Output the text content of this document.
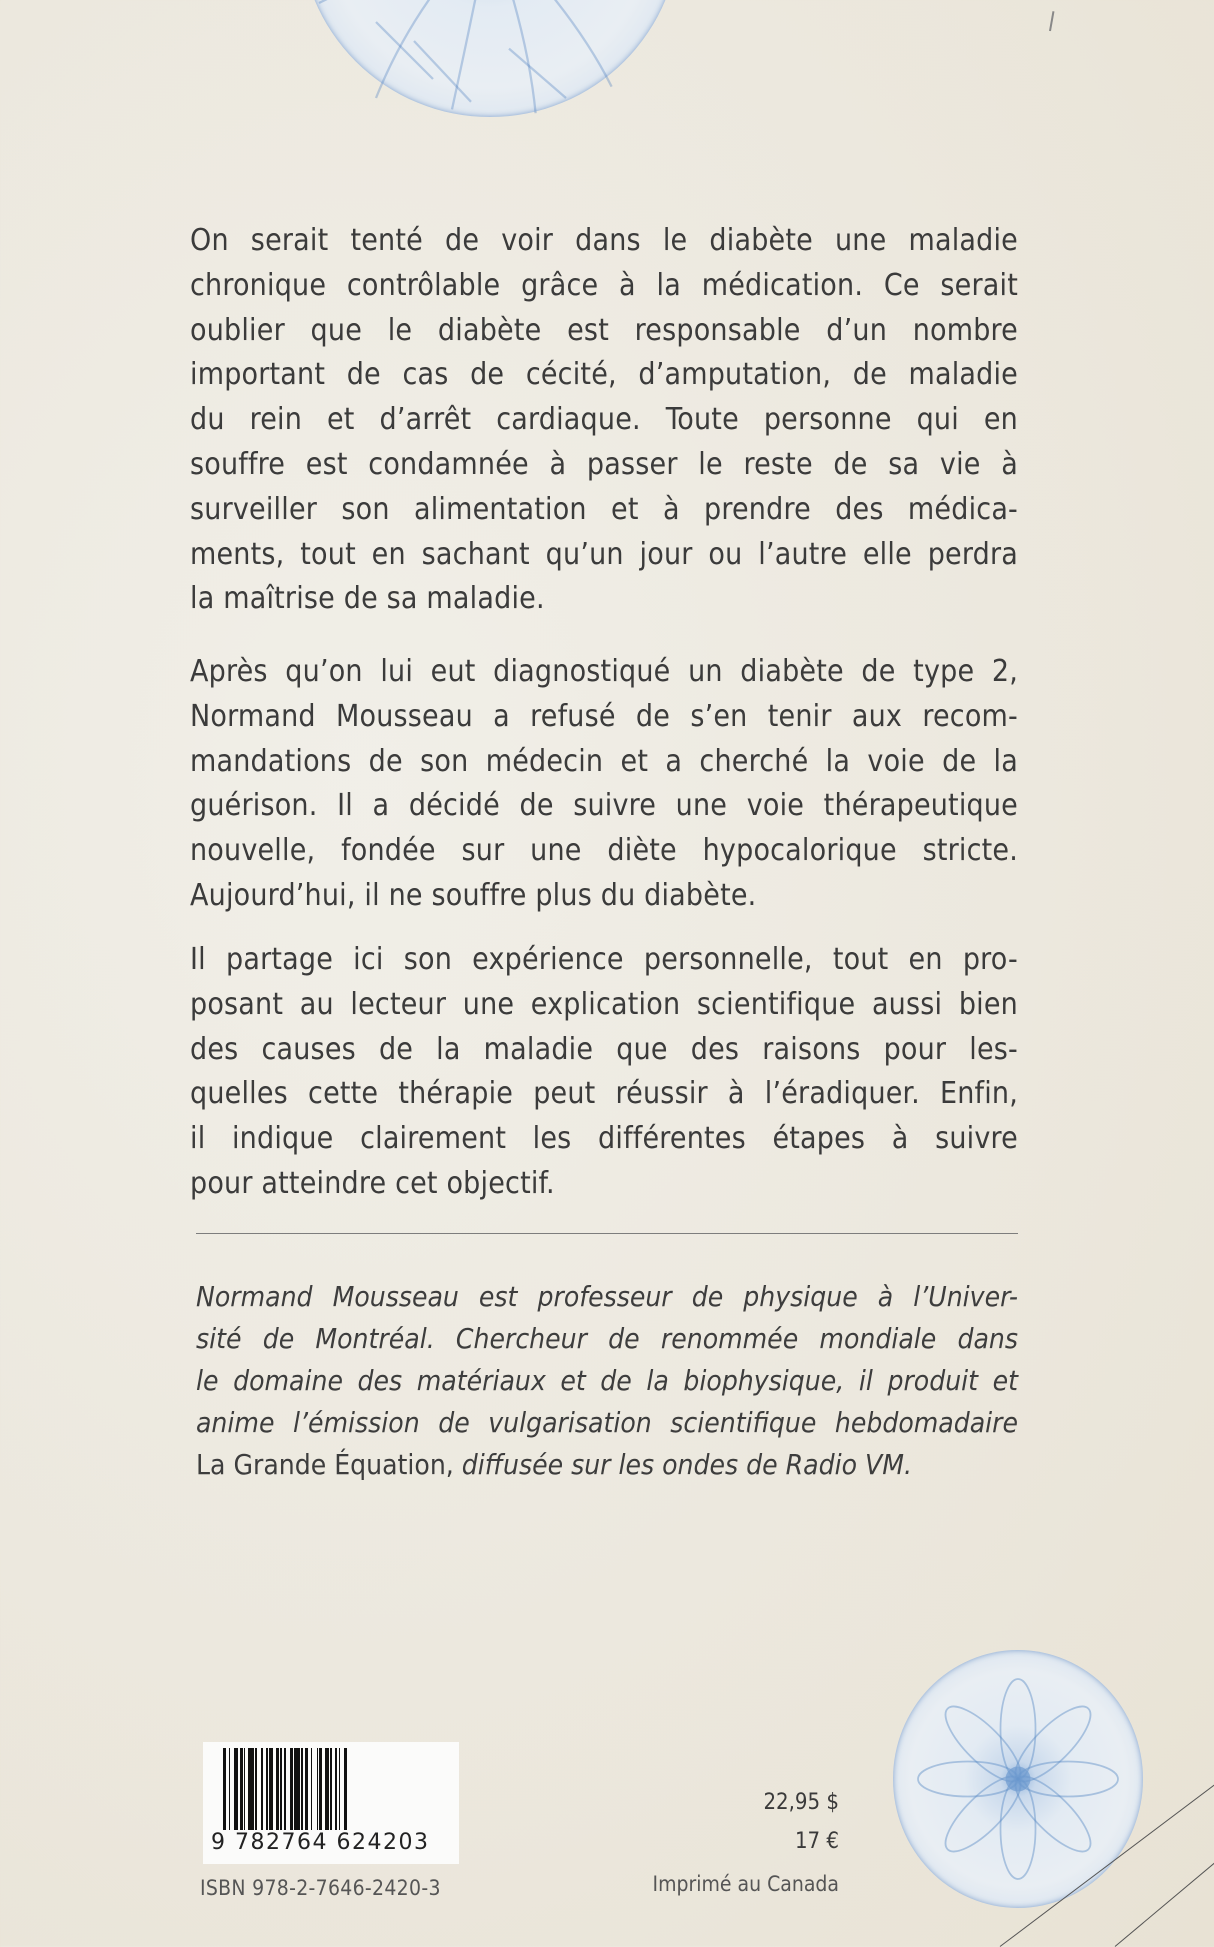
On serait tenté de voir dans le diabète une maladie
chronique contrôlable grâce à la médication. Ce serait
oublier que le diabète est responsable d’un nombre
important de cas de cécité, d’amputation, de maladie
du rein et d’arrêt cardiaque. Toute personne qui en
souffre est condamnée à passer le reste de sa vie à
surveiller son alimentation et à prendre des médica-
ments, tout en sachant qu’un jour ou l’autre elle perdra
la maîtrise de sa maladie.
Après qu’on lui eut diagnostiqué un diabète de type 2,
Normand Mousseau a refusé de s’en tenir aux recom-
mandations de son médecin et a cherché la voie de la
guérison. Il a décidé de suivre une voie thérapeutique
nouvelle, fondée sur une diète hypocalorique stricte.
Aujourd’hui, il ne souffre plus du diabète.
Il partage ici son expérience personnelle, tout en pro-
posant au lecteur une explication scientifique aussi bien
des causes de la maladie que des raisons pour les-
quelles cette thérapie peut réussir à l’éradiquer. Enfin,
il indique clairement les différentes étapes à suivre
pour atteindre cet objectif.
Normand Mousseau est professeur de physique à l’Univer-
sité de Montréal. Chercheur de renommée mondiale dans
le domaine des matériaux et de la biophysique, il produit et
anime l’émission de vulgarisation scientifique hebdomadaire
La Grande Équation, diffusée sur les ondes de Radio VM.
9 782764 624203
ISBN 978-2-7646-2420-3
22,95 $
17 €
Imprimé au Canada
